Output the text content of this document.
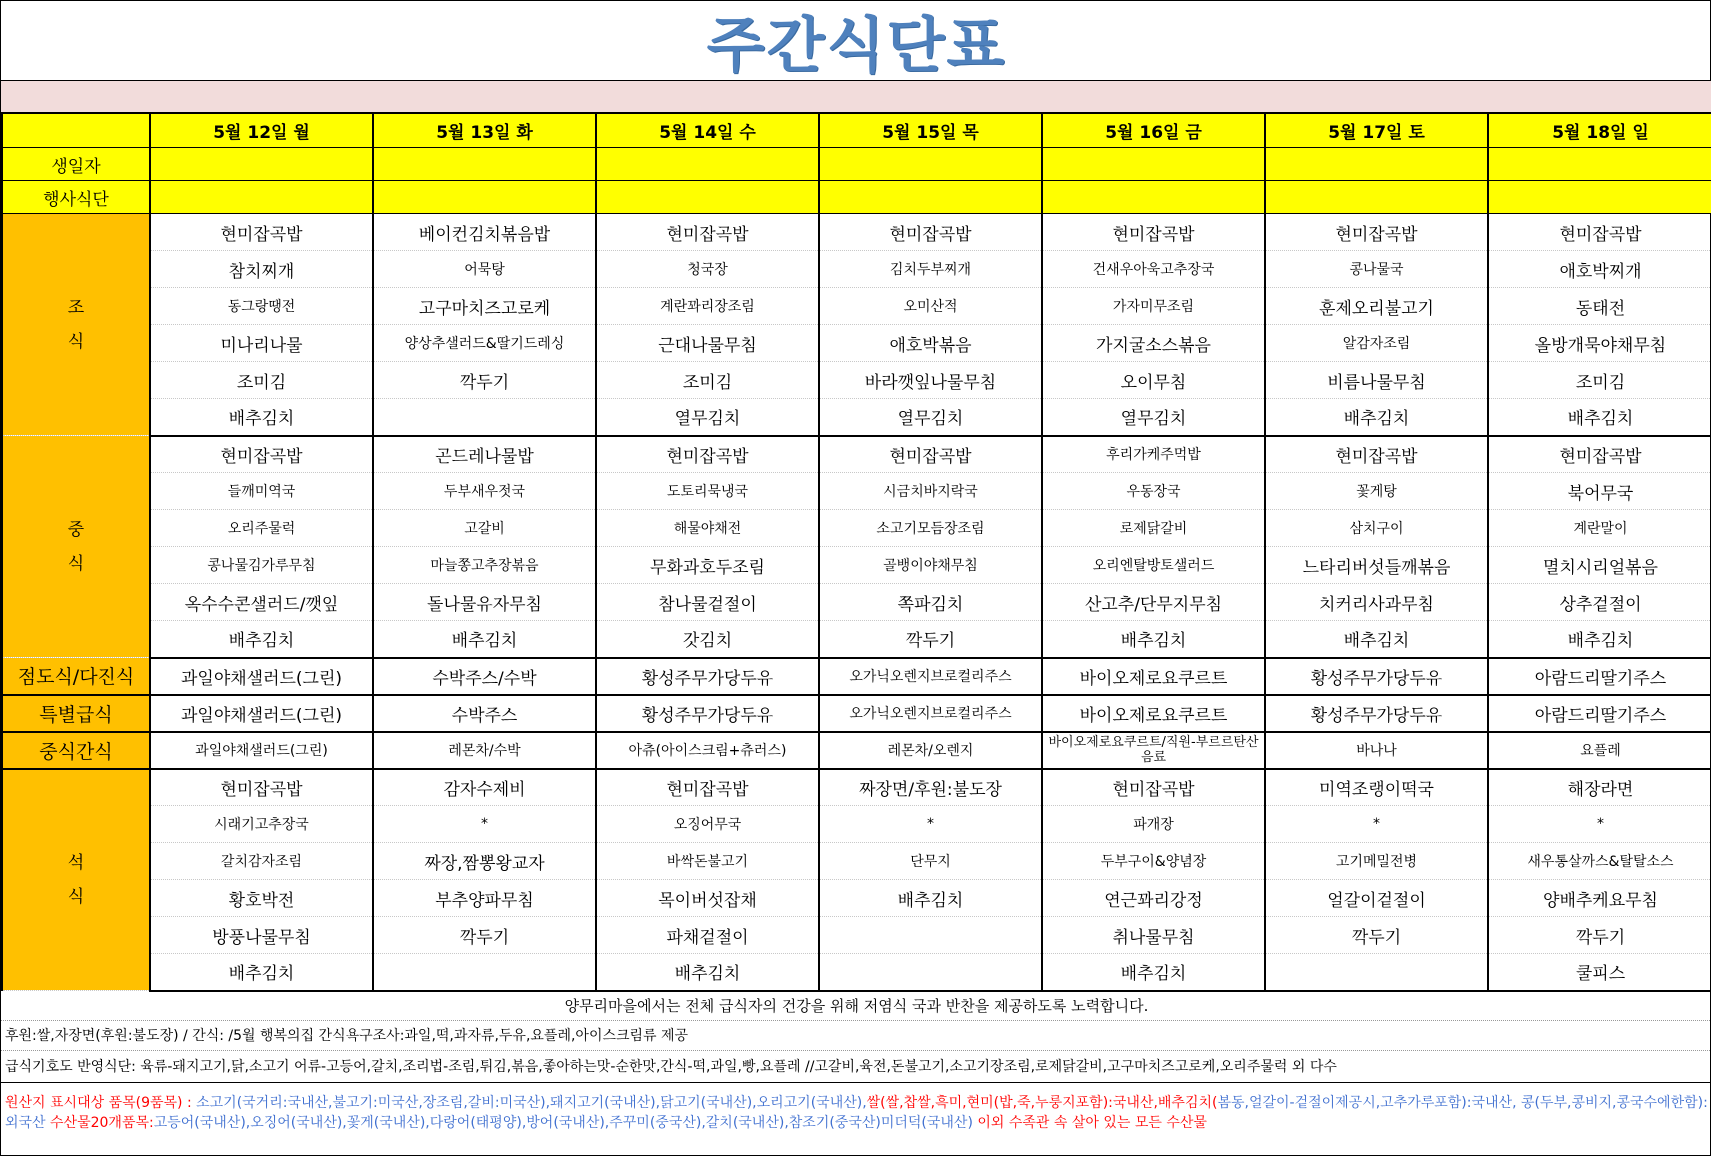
주간식단표
	5월 12일 월	5월 13일 화	5월 14일 수	5월 15일 목	5월 16일 금	5월 17일 토	5월 18일 일
생일자							
행사식단							
조
식	현미잡곡밥	베이컨김치볶음밥	현미잡곡밥	현미잡곡밥	현미잡곡밥	현미잡곡밥	현미잡곡밥
	참치찌개	어묵탕	청국장	김치두부찌개	건새우아욱고추장국	콩나물국	애호박찌개
	동그랑땡전	고구마치즈고로케	계란꽈리장조림	오미산적	가자미무조림	훈제오리불고기	동태전
	미나리나물	양상추샐러드&딸기드레싱	근대나물무침	애호박볶음	가지굴소스볶음	알감자조림	올방개묵야채무침
	조미김	깍두기	조미김	바라깻잎나물무침	오이무침	비름나물무침	조미김
	배추김치		열무김치	열무김치	열무김치	배추김치	배추김치
중
식	현미잡곡밥	곤드레나물밥	현미잡곡밥	현미잡곡밥	후리가케주먹밥	현미잡곡밥	현미잡곡밥
	들깨미역국	두부새우젓국	도토리묵냉국	시금치바지락국	우동장국	꽃게탕	북어무국
	오리주물럭	고갈비	해물야채전	소고기모듬장조림	로제닭갈비	삼치구이	계란말이
	콩나물김가루무침	마늘쫑고추장볶음	무화과호두조림	골뱅이야채무침	오리엔탈방토샐러드	느타리버섯들깨볶음	멸치시리얼볶음
	옥수수콘샐러드/깻잎	돌나물유자무침	참나물겉절이	쪽파김치	산고추/단무지무침	치커리사과무침	상추겉절이
	배추김치	배추김치	갓김치	깍두기	배추김치	배추김치	배추김치
점도식/다진식	과일야채샐러드(그린)	수박주스/수박	황성주무가당두유	오가닉오렌지브로컬리주스	바이오제로요쿠르트	황성주무가당두유	아람드리딸기주스
특별급식	과일야채샐러드(그린)	수박주스	황성주무가당두유	오가닉오렌지브로컬리주스	바이오제로요쿠르트	황성주무가당두유	아람드리딸기주스
중식간식	과일야채샐러드(그린)	레몬차/수박	아츄(아이스크림+츄러스)	레몬차/오렌지	바이오제로요쿠르트/직원-부르르탄산음료	바나나	요플레
석
식	현미잡곡밥	감자수제비	현미잡곡밥	짜장면/후원:불도장	현미잡곡밥	미역조랭이떡국	해장라면
	시래기고추장국	*	오징어무국	*	파개장	*	*
	갈치감자조림	짜장,짬뽕왕교자	바싹돈불고기	단무지	두부구이&양념장	고기메밀전병	새우통살까스&탈탈소스
	황호박전	부추양파무침	목이버섯잡채	배추김치	연근꽈리강정	얼갈이겉절이	양배추케요무침
	방풍나물무침	깍두기	파채겉절이		취나물무침	깍두기	깍두기
	배추김치		배추김치		배추김치		쿨피스
양무리마을에서는 전체 급식자의 건강을 위해 저염식 국과 반찬을 제공하도록 노력합니다.
후원:쌀,자장면(후원:불도장) / 간식: /5월 행복의집 간식욕구조사:과일,떡,과자류,두유,요플레,아이스크림류 제공
급식기호도 반영식단: 육류-돼지고기,닭,소고기 어류-고등어,갈치,조리법-조림,튀김,볶음,좋아하는맛-순한맛,간식-떡,과일,빵,요플레 //고갈비,육전,돈불고기,소고기장조림,로제닭갈비,고구마치즈고로케,오리주물럭 외 다수
원산지 표시대상 품목(9품목) : 소고기(국거리:국내산,불고기:미국산,장조림,갈비:미국산),돼지고기(국내산),닭고기(국내산),오리고기(국내산),쌀(쌀,찹쌀,흑미,현미(밥,죽,누룽지포함):국내산,배추김치(봄동,얼갈이-겉절이제공시,고추가루포함):국내산, 콩(두부,콩비지,콩국수에한함):외국산 수산물20개품목:고등어(국내산),오징어(국내산),꽃게(국내산),다랑어(태평양),방어(국내산),주꾸미(중국산),갈치(국내산),참조기(중국산)미더덕(국내산) 이외 수족관 속 살아 있는 모든 수산물
